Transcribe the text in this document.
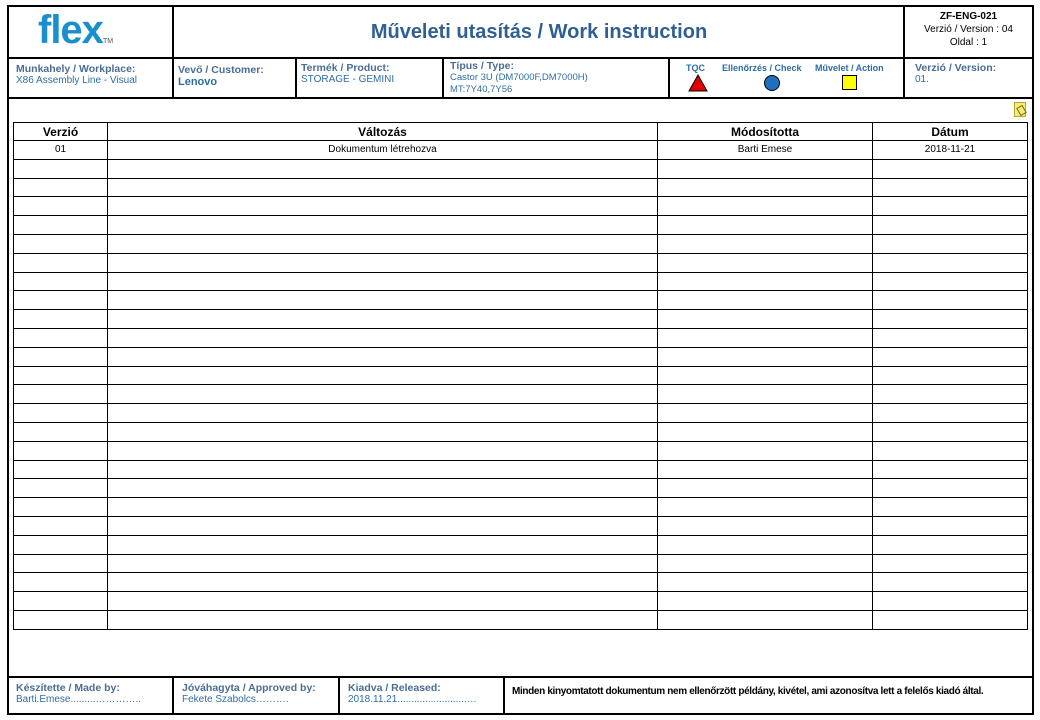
flexTM	Műveleti utasítás / Work instruction
ZF-ENG-021
Verzió / Version : 04
Oldal : 1
Munkahely / Workplace:
X86 Assembly Line - Visual
Vevő / Customer:
Lenovo
Termék / Product:
STORAGE - GEMINI
Típus / Type:
Castor 3U (DM7000F,DM7000H)
MT:7Y40,7Y56
TQC Ellenőrzés / Check Művelet / Action	Verzió / Version:
01.
Verzió	Változás	Módosította	Dátum
01	Dokumentum létrehozva	Barti Emese	2018-11-21

Készítette / Made by:
Barti.Emese.........…………..
Jóváhagyta / Approved by:
Fekete Szabolcs……….
Kiadva / Released:
2018.11.21.........................…
Minden kinyomtatott dokumentum nem ellenőrzött példány, kivétel, ami azonosítva lett a felelős kiadó által.
